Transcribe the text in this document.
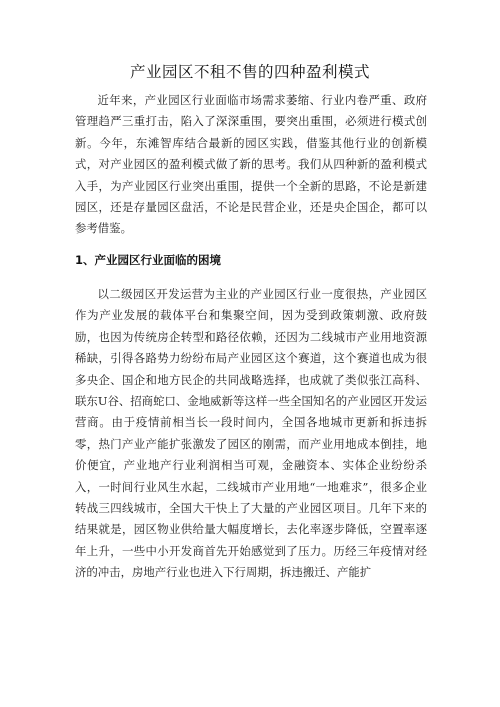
产业园区不租不售的四种盈利模式

近年来，产业园区行业面临市场需求萎缩、行业内卷严重、政府管理趋严三重打击，陷入了深深重围，要突出重围，必须进行模式创新。今年，东滩智库结合最新的园区实践，借鉴其他行业的创新模式，对产业园区的盈利模式做了新的思考。我们从四种新的盈利模式入手，为产业园区行业突出重围，提供一个全新的思路，不论是新建园区，还是存量园区盘活，不论是民营企业，还是央企国企，都可以参考借鉴。

1、产业园区行业面临的困境

以二级园区开发运营为主业的产业园区行业一度很热，产业园区作为产业发展的载体平台和集聚空间，因为受到政策刺激、政府鼓励，也因为传统房企转型和路径依赖，还因为二线城市产业用地资源稀缺，引得各路势力纷纷布局产业园区这个赛道，这个赛道也成为很多央企、国企和地方民企的共同战略选择，也成就了类似张江高科、联东U谷、招商蛇口、金地威新等这样一些全国知名的产业园区开发运营商。由于疫情前相当长一段时间内，全国各地城市更新和拆违拆零，热门产业产能扩张激发了园区的刚需，而产业用地成本倒挂，地价便宜，产业地产行业利润相当可观，金融资本、实体企业纷纷杀入，一时间行业风生水起，二线城市产业用地“一地难求”，很多企业转战三四线城市，全国大干快上了大量的产业园区项目。几年下来的结果就是，园区物业供给量大幅度增长，去化率逐步降低，空置率逐年上升，一些中小开发商首先开始感觉到了压力。历经三年疫情对经济的冲击，房地产行业也进入下行周期，拆违搬迁、产能扩
